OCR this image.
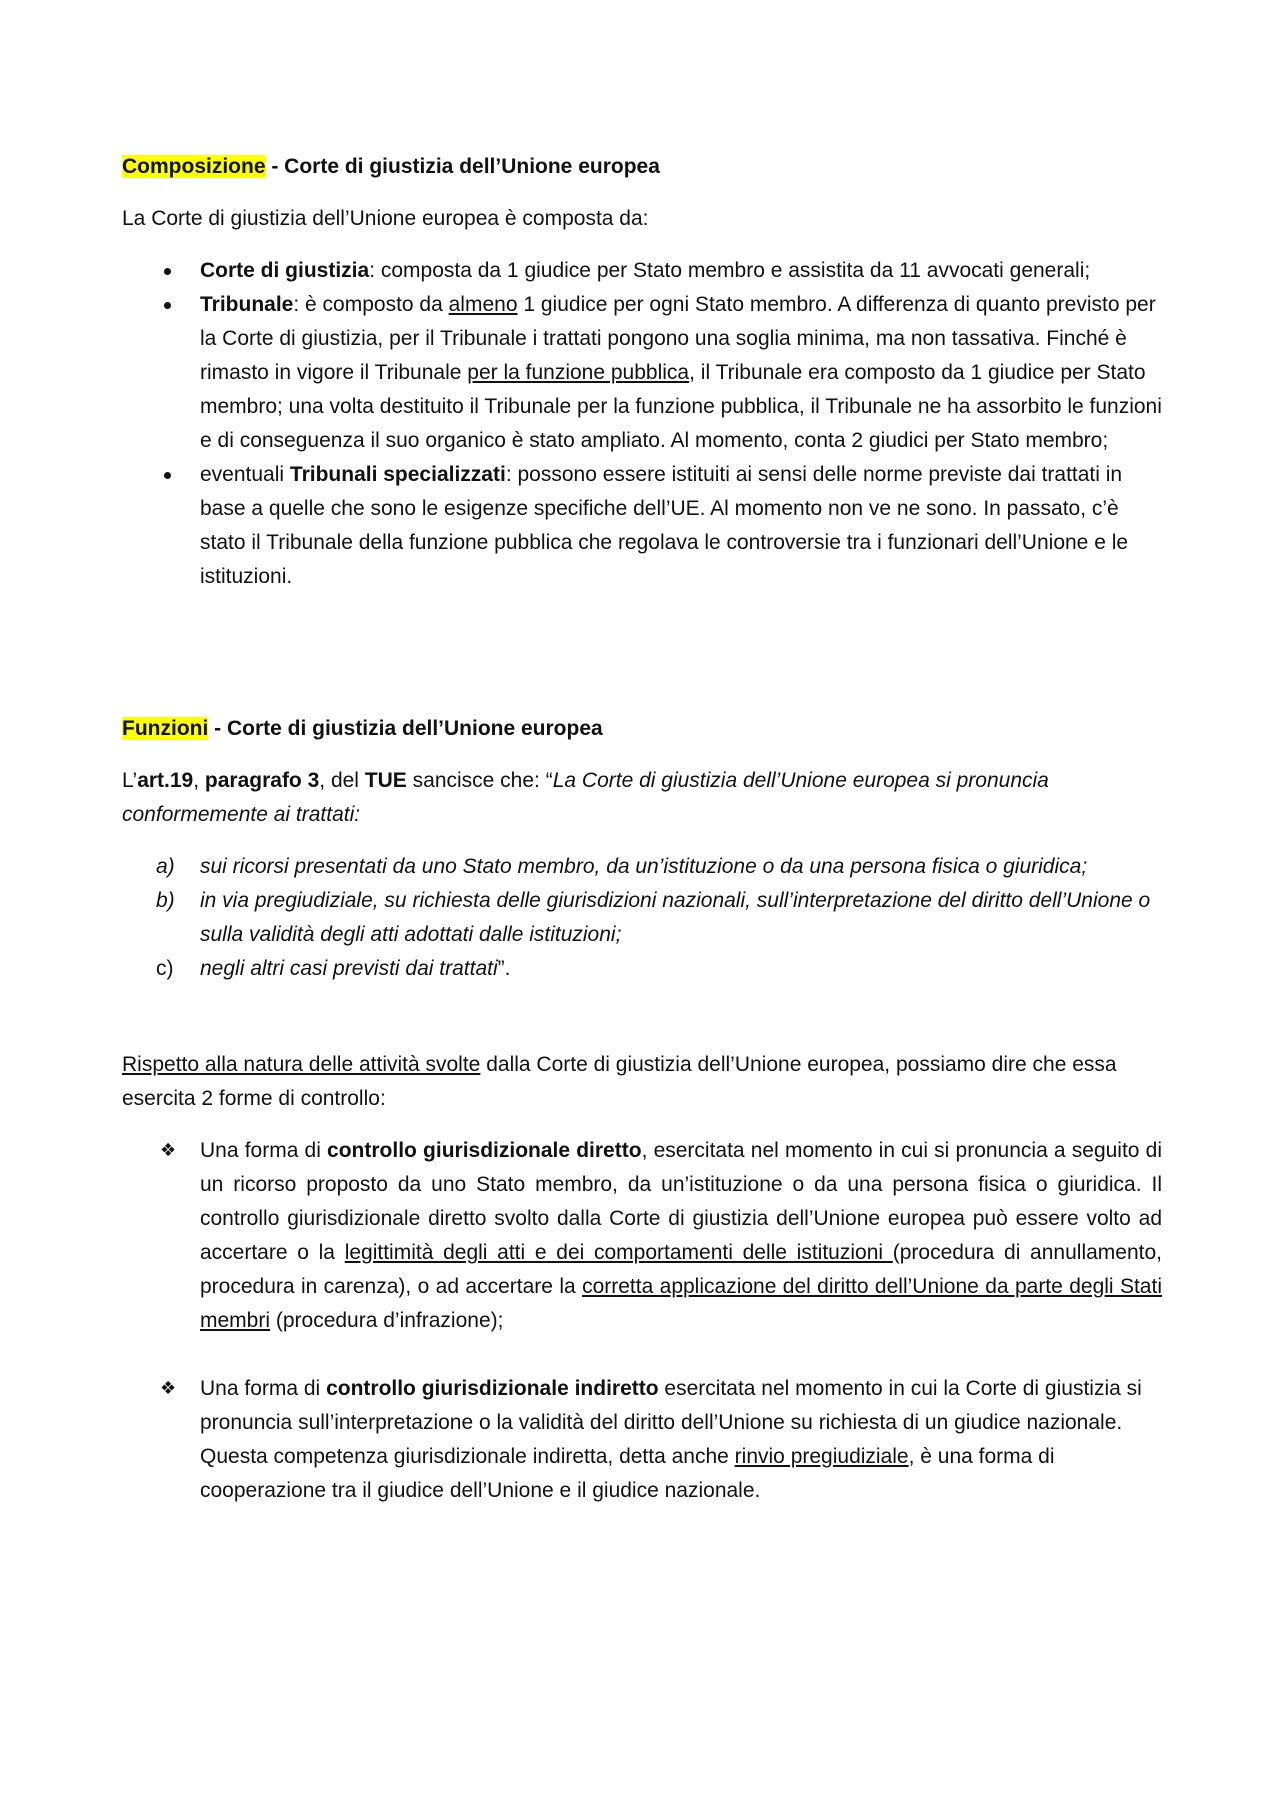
Composizione - Corte di giustizia dell’Unione europea

La Corte di giustizia dell’Unione europea è composta da:

Corte di giustizia: composta da 1 giudice per Stato membro e assistita da 11 avvocati generali;
Tribunale: è composto da almeno 1 giudice per ogni Stato membro. A differenza di quanto previsto per la Corte di giustizia, per il Tribunale i trattati pongono una soglia minima, ma non tassativa. Finché è rimasto in vigore il Tribunale per la funzione pubblica, il Tribunale era composto da 1 giudice per Stato membro; una volta destituito il Tribunale per la funzione pubblica, il Tribunale ne ha assorbito le funzioni e di conseguenza il suo organico è stato ampliato. Al momento, conta 2 giudici per Stato membro;
eventuali Tribunali specializzati: possono essere istituiti ai sensi delle norme previste dai trattati in base a quelle che sono le esigenze specifiche dell’UE. Al momento non ve ne sono. In passato, c’è stato il Tribunale della funzione pubblica che regolava le controversie tra i funzionari dell’Unione e le istituzioni.
Funzioni - Corte di giustizia dell’Unione europea

L’art.19, paragrafo 3, del TUE sancisce che: “La Corte di giustizia dell’Unione europea si pronuncia conformemente ai trattati:

a)	sui ricorsi presentati da uno Stato membro, da un’istituzione o da una persona fisica o giuridica;
b)	in via pregiudiziale, su richiesta delle giurisdizioni nazionali, sull’interpretazione del diritto dell’Unione o sulla validità degli atti adottati dalle istituzioni;
c)	negli altri casi previsti dai trattati”.

Rispetto alla natura delle attività svolte dalla Corte di giustizia dell’Unione europea, possiamo dire che essa esercita 2 forme di controllo:

❖ Una forma di controllo giurisdizionale diretto, esercitata nel momento in cui si pronuncia a seguito di un ricorso proposto da uno Stato membro, da un’istituzione o da una persona fisica o giuridica. Il controllo giurisdizionale diretto svolto dalla Corte di giustizia dell’Unione europea può essere volto ad accertare o la legittimità degli atti e dei comportamenti delle istituzioni (procedura di annullamento, procedura in carenza), o ad accertare la corretta applicazione del diritto dell’Unione da parte degli Stati membri (procedura d’infrazione);
❖ Una forma di controllo giurisdizionale indiretto esercitata nel momento in cui la Corte di giustizia si pronuncia sull’interpretazione o la validità del diritto dell’Unione su richiesta di un giudice nazionale. Questa competenza giurisdizionale indiretta, detta anche rinvio pregiudiziale, è una forma di cooperazione tra il giudice dell’Unione e il giudice nazionale.
